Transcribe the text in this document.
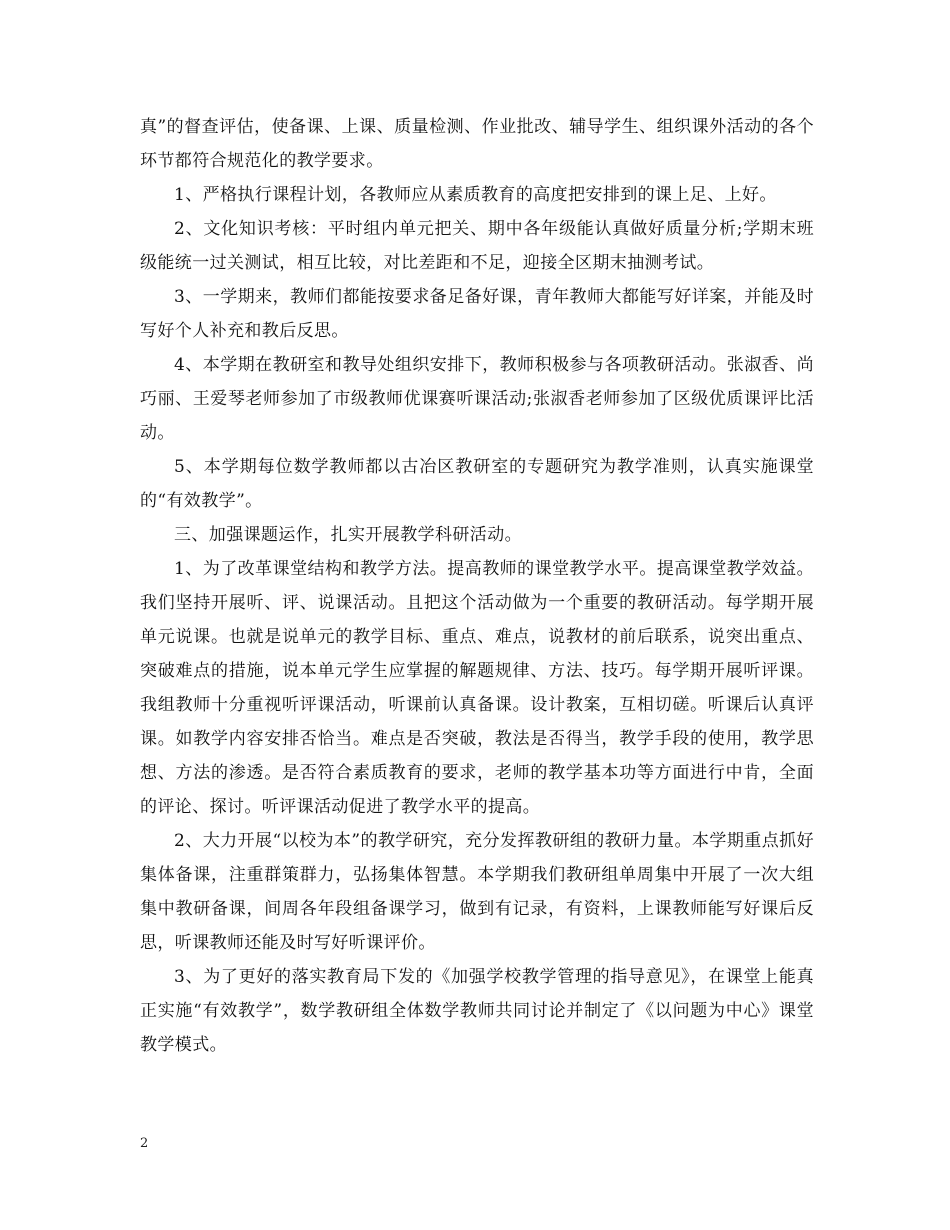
真”的督查评估，使备课、上课、质量检测、作业批改、辅导学生、组织课外活动的各个环节都符合规范化的教学要求。

1、严格执行课程计划，各教师应从素质教育的高度把安排到的课上足、上好。

2、文化知识考核：平时组内单元把关、期中各年级能认真做好质量分析;学期末班级能统一过关测试，相互比较，对比差距和不足，迎接全区期末抽测考试。

3、一学期来，教师们都能按要求备足备好课，青年教师大都能写好详案，并能及时写好个人补充和教后反思。

4、本学期在教研室和教导处组织安排下，教师积极参与各项教研活动。张淑香、尚巧丽、王爱琴老师参加了市级教师优课赛听课活动;张淑香老师参加了区级优质课评比活动。

5、本学期每位数学教师都以古冶区教研室的专题研究为教学准则，认真实施课堂的“有效教学”。

三、加强课题运作，扎实开展教学科研活动。

1、为了改革课堂结构和教学方法。提高教师的课堂教学水平。提高课堂教学效益。我们坚持开展听、评、说课活动。且把这个活动做为一个重要的教研活动。每学期开展单元说课。也就是说单元的教学目标、重点、难点，说教材的前后联系，说突出重点、突破难点的措施，说本单元学生应掌握的解题规律、方法、技巧。每学期开展听评课。我组教师十分重视听评课活动，听课前认真备课。设计教案，互相切磋。听课后认真评课。如教学内容安排否恰当。难点是否突破，教法是否得当，教学手段的使用，教学思想、方法的渗透。是否符合素质教育的要求，老师的教学基本功等方面进行中肯，全面的评论、探讨。听评课活动促进了教学水平的提高。

2、大力开展“以校为本”的教学研究，充分发挥教研组的教研力量。本学期重点抓好集体备课，注重群策群力，弘扬集体智慧。本学期我们教研组单周集中开展了一次大组集中教研备课，间周各年段组备课学习，做到有记录，有资料，上课教师能写好课后反思，听课教师还能及时写好听课评价。

3、为了更好的落实教育局下发的《加强学校教学管理的指导意见》，在课堂上能真正实施“有效教学”，数学教研组全体数学教师共同讨论并制定了《以问题为中心》课堂教学模式。

2
